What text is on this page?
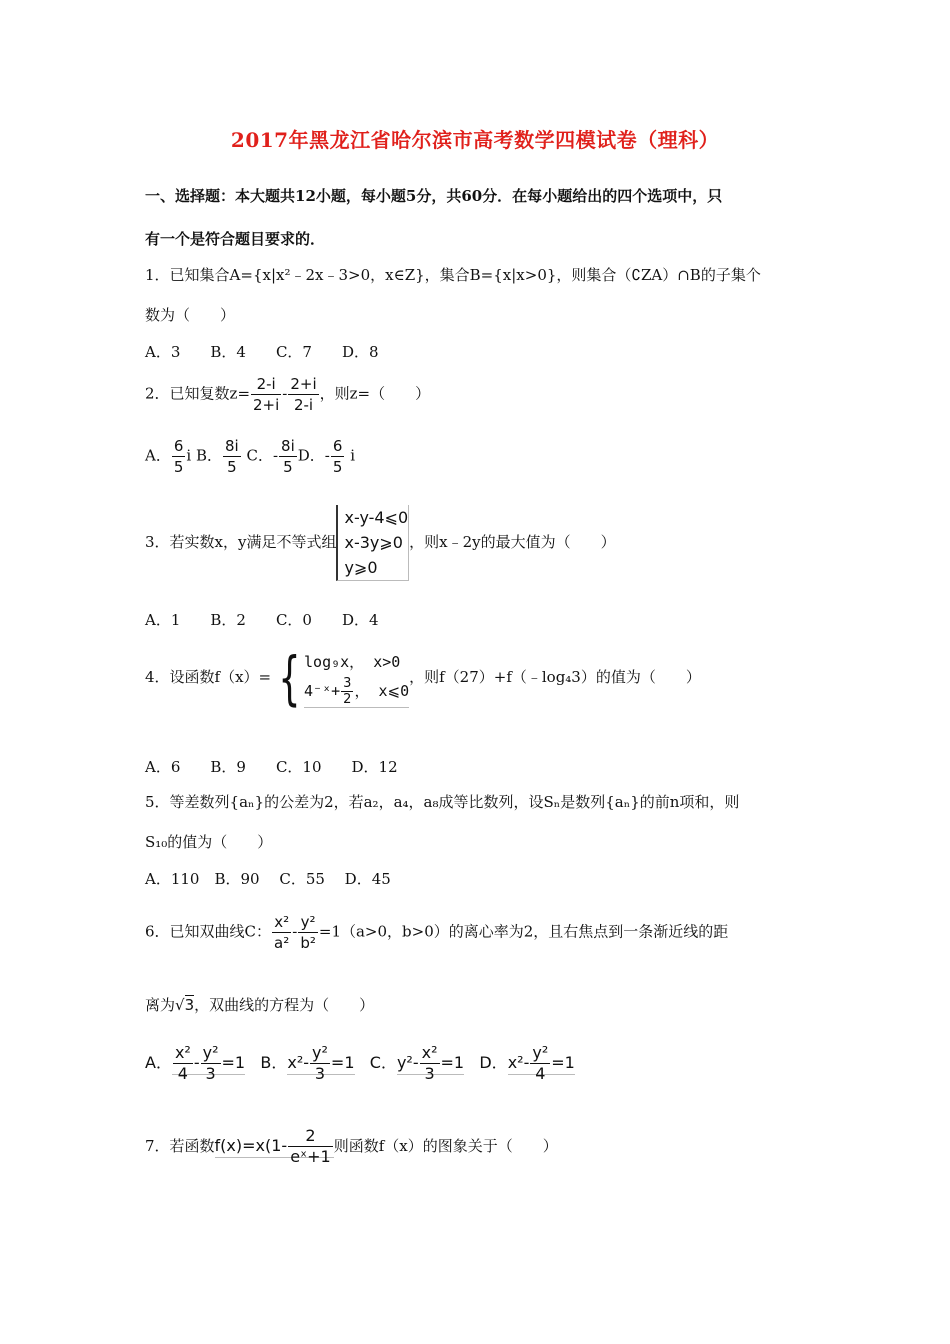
2017年黑龙江省哈尔滨市高考数学四模试卷（理科）
一、选择题：本大题共12小题，每小题5分，共60分．在每小题给出的四个选项中，只
有一个是符合题目要求的．
1．已知集合A={x|x²﹣2x﹣3>0，x∈Z}，集合B={x|x>0}，则集合（∁ZA）∩B的子集个
数为（　　）
A．3　　B．4　　C．7　　D．8
2．已知复数$z= \frac{2-i}{2+i} - \frac{2+i}{2-i}$ ，则z=（　　）
A． $\frac{6}{5}$ i B． $\frac{8i}{5}$ C．- $\frac{8i}{5}$ D．- $\frac{6}{5}$ i
3．若实数x，y满足不等式组
x-y-4⩽0
x-3y⩾0
y⩾0
，则x﹣2y的最大值为（　　）
A．1　　B．2　　C．0　　D．4
4．设函数f（x）= { log₉x， x>0
4⁻ˣ+ $\frac{3}{2}$ ， x⩽0
，则f（27）+f（﹣log₄3）的值为（　　）
A．6　　B．9　　C．10　　D．12
5．等差数列{aₙ}的公差为2，若a₂，a₄，a₈成等比数列，设Sₙ是数列{aₙ}的前n项和，则
S₁₀的值为（　　）
A．110　B．90　 C．55　 D．45
6．已知双曲线C： $\frac{\text{x²}}{\text{a²}} - \frac{\text{y²}}{\text{b²}} =1(a>0$，b>0）的离心率为2，且右焦点到一条渐近线的距
离为√3，双曲线的方程为（　　）
A． $\frac{\text{x²}}{4} - \frac{\text{y²}}{3} =1$ B．$x^2- \frac{\text{y²}}{3} =1$ C．$y^2- \frac{\text{x²}}{3} =1$ D．$x^2- \frac{\text{y²}}{4} =1$
7．若函数$f(x)=x(1- \frac{2}{\text{eˣ+1}}$ 则函数f（x）的图象关于（　　）
